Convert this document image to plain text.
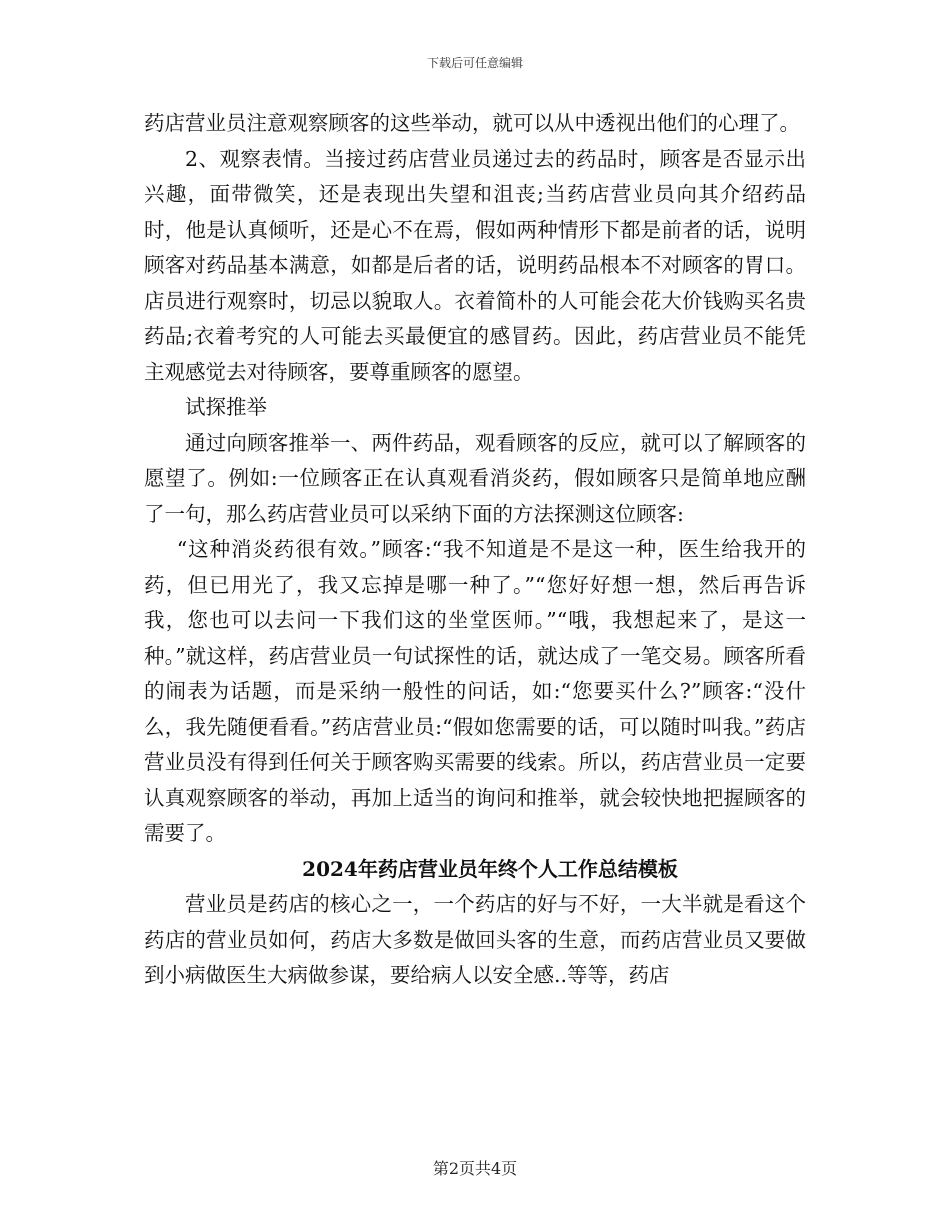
下载后可任意编辑

药店营业员注意观察顾客的这些举动，就可以从中透视出他们的心理了。

2、观察表情。当接过药店营业员递过去的药品时，顾客是否显示出兴趣，面带微笑，还是表现出失望和沮丧;当药店营业员向其介绍药品时，他是认真倾听，还是心不在焉，假如两种情形下都是前者的话，说明顾客对药品基本满意，如都是后者的话，说明药品根本不对顾客的胃口。店员进行观察时，切忌以貌取人。衣着简朴的人可能会花大价钱购买名贵药品;衣着考究的人可能去买最便宜的感冒药。因此，药店营业员不能凭主观感觉去对待顾客，要尊重顾客的愿望。

试探推举

通过向顾客推举一、两件药品，观看顾客的反应，就可以了解顾客的愿望了。例如:一位顾客正在认真观看消炎药，假如顾客只是简单地应酬了一句，那么药店营业员可以采纳下面的方法探测这位顾客:

“这种消炎药很有效。”顾客:“我不知道是不是这一种，医生给我开的药，但已用光了，我又忘掉是哪一种了。”“您好好想一想，然后再告诉我，您也可以去问一下我们这的坐堂医师。”“哦，我想起来了，是这一种。”就这样，药店营业员一句试探性的话，就达成了一笔交易。顾客所看的闹表为话题，而是采纳一般性的问话，如:“您要买什么?”顾客:“没什么，我先随便看看。”药店营业员:“假如您需要的话，可以随时叫我。”药店营业员没有得到任何关于顾客购买需要的线索。所以，药店营业员一定要认真观察顾客的举动，再加上适当的询问和推举，就会较快地把握顾客的需要了。

2024年药店营业员年终个人工作总结模板

营业员是药店的核心之一，一个药店的好与不好，一大半就是看这个药店的营业员如何，药店大多数是做回头客的生意，而药店营业员又要做到小病做医生大病做参谋，要给病人以安全感..等等，药店

第2页共4页
